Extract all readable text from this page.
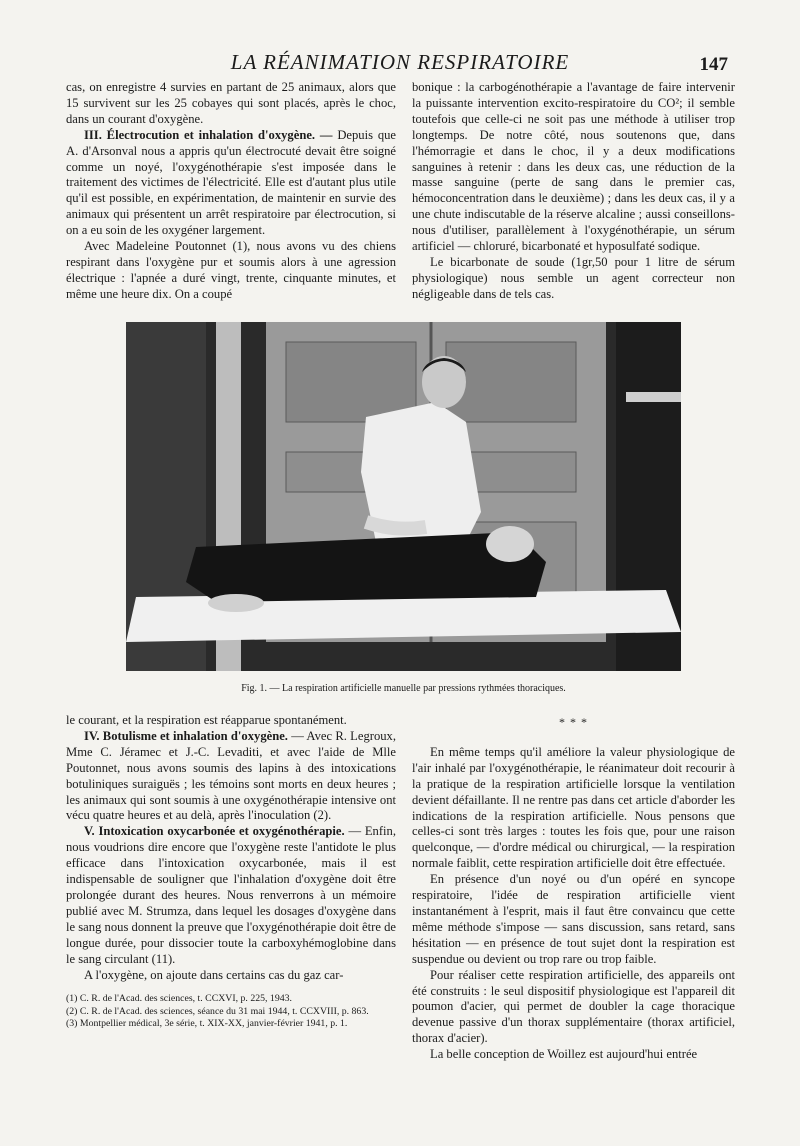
LA RÉANIMATION RESPIRATOIRE	147

cas, on enregistre 4 survies en partant de 25 animaux, alors que 15 survivent sur les 25 cobayes qui sont placés, après le choc, dans un courant d'oxygène.

III. Électrocution et inhalation d'oxygène. — Depuis que A. d'Arsonval nous a appris qu'un électrocuté devait être soigné comme un noyé, l'oxygénothérapie s'est imposée dans le traitement des victimes de l'électricité. Elle est d'autant plus utile qu'il est possible, en expérimentation, de maintenir en survie des animaux qui présentent un arrêt respiratoire par électrocution, si on a eu soin de les oxygéner largement.

Avec Madeleine Poutonnet (1), nous avons vu des chiens respirant dans l'oxygène pur et soumis alors à une agression électrique : l'apnée a duré vingt, trente, cinquante minutes, et même une heure dix. On a coupé

bonique : la carbogénothérapie a l'avantage de faire intervenir la puissante intervention excito-respiratoire du CO²; il semble toutefois que celle-ci ne soit pas une méthode à utiliser trop longtemps. De notre côté, nous soutenons que, dans l'hémorragie et dans le choc, il y a deux modifications sanguines à retenir : dans les deux cas, une réduction de la masse sanguine (perte de sang dans le premier cas, hémoconcentration dans le deuxième) ; dans les deux cas, il y a une chute indiscutable de la réserve alcaline ; aussi conseillons-nous d'utiliser, parallèlement à l'oxygénothérapie, un sérum artificiel — chloruré, bicarbonaté et hyposulfaté sodique.

Le bicarbonate de soude (1gr,50 pour 1 litre de sérum physiologique) nous semble un agent correcteur non négligeable dans de tels cas.

Fig. 1. — La respiration artificielle manuelle par pressions rythmées thoraciques.

le courant, et la respiration est réapparue spontanément.

IV. Botulisme et inhalation d'oxygène. — Avec R. Legroux, Mme C. Jéramec et J.-C. Levaditi, et avec l'aide de Mlle Poutonnet, nous avons soumis des lapins à des intoxications botuliniques suraiguës ; les témoins sont morts en deux heures ; les animaux qui sont soumis à une oxygénothérapie intensive ont vécu quatre heures et au delà, après l'inoculation (2).

V. Intoxication oxycarbonée et oxygénothérapie. — Enfin, nous voudrions dire encore que l'oxygène reste l'antidote le plus efficace dans l'intoxication oxycarbonée, mais il est indispensable de souligner que l'inhalation d'oxygène doit être prolongée durant des heures. Nous renverrons à un mémoire publié avec M. Strumza, dans lequel les dosages d'oxygène dans le sang nous donnent la preuve que l'oxygénothérapie doit être de longue durée, pour dissocier toute la carboxyhémoglobine dans le sang circulant (11).

A l'oxygène, on ajoute dans certains cas du gaz car-

(1) C. R. de l'Acad. des sciences, t. CCXVI, p. 225, 1943.

(2) C. R. de l'Acad. des sciences, séance du 31 mai 1944, t. CCXVIII, p. 863.

(3) Montpellier médical, 3e série, t. XIX-XX, janvier-février 1941, p. 1.

* * *

En même temps qu'il améliore la valeur physiologique de l'air inhalé par l'oxygénothérapie, le réanimateur doit recourir à la pratique de la respiration artificielle lorsque la ventilation devient défaillante. Il ne rentre pas dans cet article d'aborder les indications de la respiration artificielle. Nous pensons que celles-ci sont très larges : toutes les fois que, pour une raison quelconque, — d'ordre médical ou chirurgical, — la respiration normale faiblit, cette respiration artificielle doit être effectuée.

En présence d'un noyé ou d'un opéré en syncope respiratoire, l'idée de respiration artificielle vient instantanément à l'esprit, mais il faut être convaincu que cette même méthode s'impose — sans discussion, sans retard, sans hésitation — en présence de tout sujet dont la respiration est suspendue ou devient ou trop rare ou trop faible.

Pour réaliser cette respiration artificielle, des appareils ont été construits : le seul dispositif physiologique est l'appareil dit poumon d'acier, qui permet de doubler la cage thoracique devenue passive d'un thorax supplémentaire (thorax artificiel, thorax d'acier).

La belle conception de Woillez est aujourd'hui entrée
